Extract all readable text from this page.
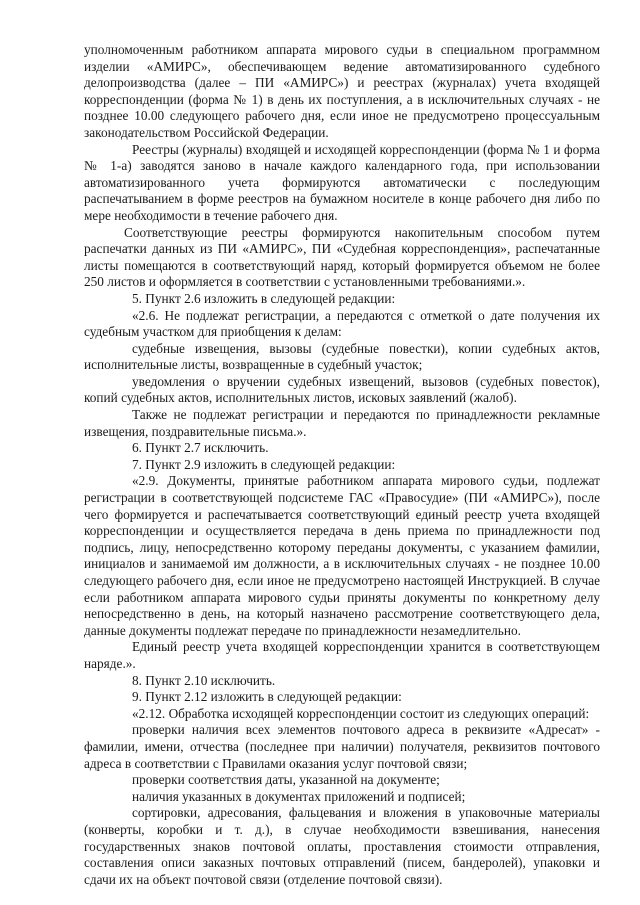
уполномоченным работником аппарата мирового судьи в специальном программном изделии «АМИРС», обеспечивающем ведение автоматизированного судебного делопроизводства (далее – ПИ «АМИРС») и реестрах (журналах) учета входящей корреспонденции (форма № 1) в день их поступления, а в исключительных случаях - не позднее 10.00 следующего рабочего дня, если иное не предусмотрено процессуальным законодательством Российской Федерации.

Реестры (журналы) входящей и исходящей корреспонденции (форма № 1 и форма № 1-а) заводятся заново в начале каждого календарного года, при использовании автоматизированного учета формируются автоматически с последующим распечатыванием в форме реестров на бумажном носителе в конце рабочего дня либо по мере необходимости в течение рабочего дня.

Соответствующие реестры формируются накопительным способом путем распечатки данных из ПИ «АМИРС», ПИ «Судебная корреспонденция», распечатанные листы помещаются в соответствующий наряд, который формируется объемом не более 250 листов и оформляется в соответствии с установленными требованиями.».

5. Пункт 2.6 изложить в следующей редакции:

«2.6. Не подлежат регистрации, а передаются с отметкой о дате получения их судебным участком для приобщения к делам:

судебные извещения, вызовы (судебные повестки), копии судебных актов, исполнительные листы, возвращенные в судебный участок;

уведомления о вручении судебных извещений, вызовов (судебных повесток), копий судебных актов, исполнительных листов, исковых заявлений (жалоб).

Также не подлежат регистрации и передаются по принадлежности рекламные извещения, поздравительные письма.».

6. Пункт 2.7 исключить.

7. Пункт 2.9 изложить в следующей редакции:

«2.9. Документы, принятые работником аппарата мирового судьи, подлежат регистрации в соответствующей подсистеме ГАС «Правосудие» (ПИ «АМИРС»), после чего формируется и распечатывается соответствующий единый реестр учета входящей корреспонденции и осуществляется передача в день приема по принадлежности под подпись, лицу, непосредственно которому переданы документы, с указанием фамилии, инициалов и занимаемой им должности, а в исключительных случаях - не позднее 10.00 следующего рабочего дня, если иное не предусмотрено настоящей Инструкцией. В случае если работником аппарата мирового судьи приняты документы по конкретному делу непосредственно в день, на который назначено рассмотрение соответствующего дела, данные документы подлежат передаче по принадлежности незамедлительно.

Единый реестр учета входящей корреспонденции хранится в соответствующем наряде.».

8. Пункт 2.10 исключить.

9. Пункт 2.12 изложить в следующей редакции:

«2.12. Обработка исходящей корреспонденции состоит из следующих операций:

проверки наличия всех элементов почтового адреса в реквизите «Адресат» - фамилии, имени, отчества (последнее при наличии) получателя, реквизитов почтового адреса в соответствии с Правилами оказания услуг почтовой связи;

проверки соответствия даты, указанной на документе;

наличия указанных в документах приложений и подписей;

сортировки, адресования, фальцевания и вложения в упаковочные материалы (конверты, коробки и т. д.), в случае необходимости взвешивания, нанесения государственных знаков почтовой оплаты, проставления стоимости отправления, составления описи заказных почтовых отправлений (писем, бандеролей), упаковки и сдачи их на объект почтовой связи (отделение почтовой связи).
